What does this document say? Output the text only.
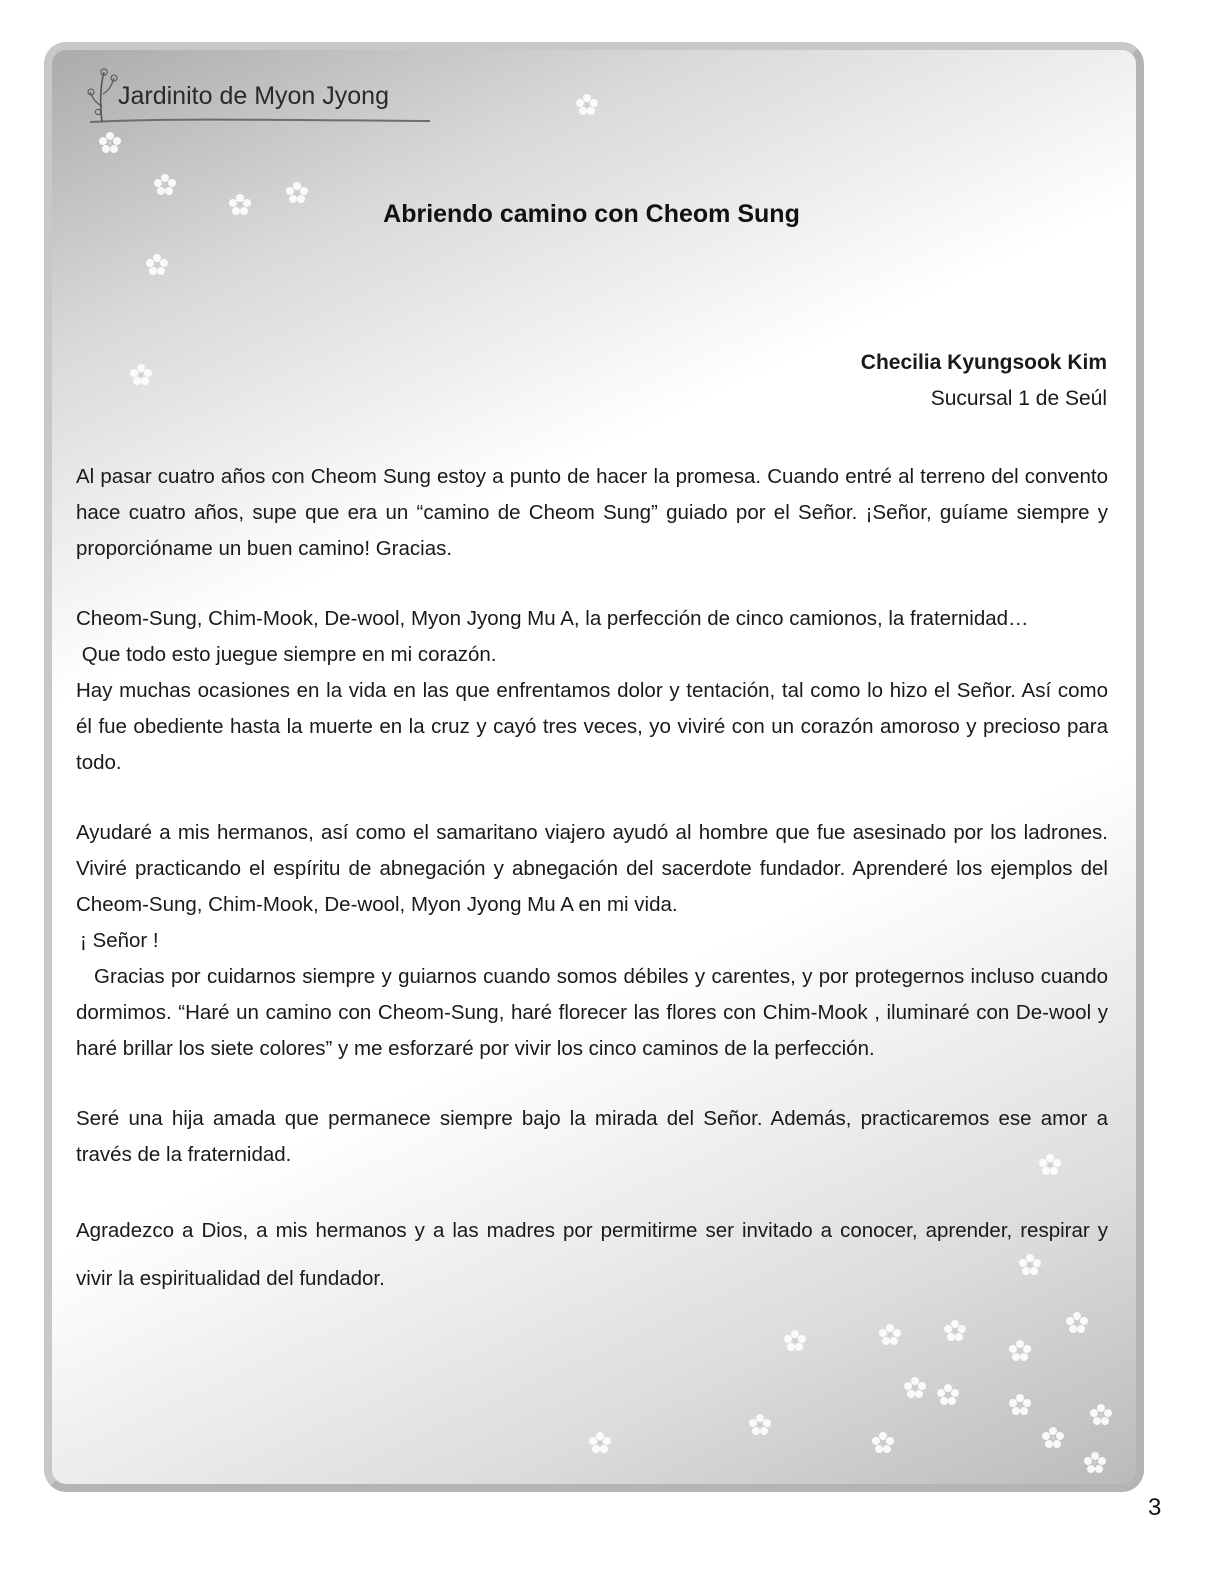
Jardinito de Myon Jyong
Abriendo camino con Cheom Sung
Checilia Kyungsook Kim
Sucursal 1 de Seúl

Al pasar cuatro años con Cheom Sung estoy a punto de hacer la promesa. Cuando entré al terreno del convento hace cuatro años, supe que era un “camino de Cheom Sung” guiado por el Señor. ¡Señor, guíame siempre y proporcióname un buen camino! Gracias.

Cheom-Sung, Chim-Mook, De-wool, Myon Jyong Mu A, la perfección de cinco camionos, la fraternidad…
Que todo esto juegue siempre en mi corazón.

Hay muchas ocasiones en la vida en las que enfrentamos dolor y tentación, tal como lo hizo el Señor. Así como él fue obediente hasta la muerte en la cruz y cayó tres veces, yo viviré con un corazón amoroso y precioso para todo.

Ayudaré a mis hermanos, así como el samaritano viajero ayudó al hombre que fue asesinado por los ladrones. Viviré practicando el espíritu de abnegación y abnegación del sacerdote fundador. Aprenderé los ejemplos del Cheom-Sung, Chim-Mook, De-wool, Myon Jyong Mu A en mi vida.

¡ Señor !

Gracias por cuidarnos siempre y guiarnos cuando somos débiles y carentes, y por protegernos incluso cuando dormimos. “Haré un camino con Cheom-Sung, haré florecer las flores con Chim-Mook , iluminaré con De-wool y haré brillar los siete colores” y me esforzaré por vivir los cinco caminos de la perfección.

Seré una hija amada que permanece siempre bajo la mirada del Señor. Además, practicaremos ese amor a través de la fraternidad.

Agradezco a Dios, a mis hermanos y a las madres por permitirme ser invitado a conocer, aprender, respirar y vivir la espiritualidad del fundador.

3
